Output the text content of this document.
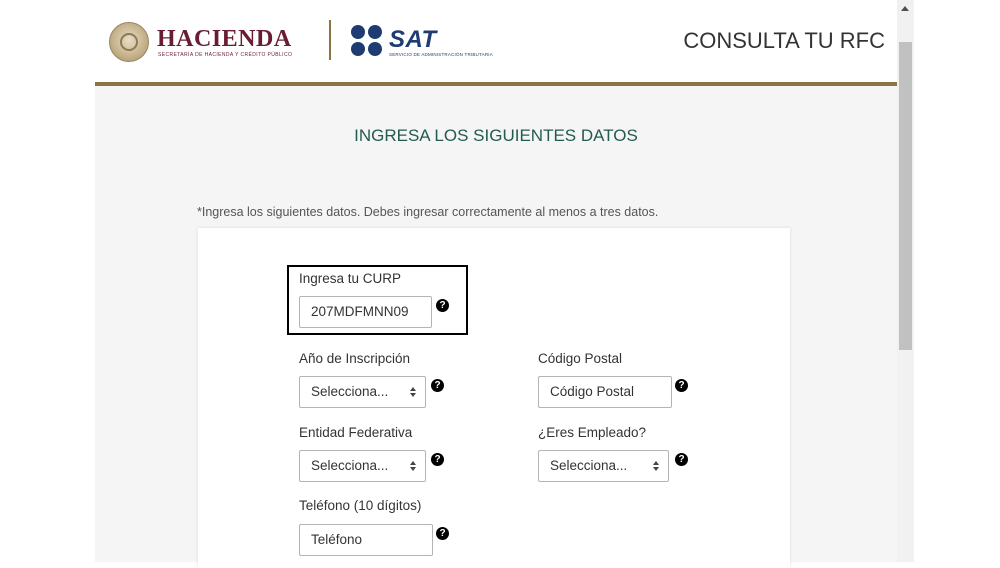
HACIENDA
SECRETARÍA DE HACIENDA Y CRÉDITO PÚBLICO
SAT
SERVICIO DE ADMINISTRACIÓN TRIBUTARIA
CONSULTA TU RFC
INGRESA LOS SIGUIENTES DATOS
*Ingresa los siguientes datos. Debes ingresar correctamente al menos a tres datos.
Ingresa tu CURP
207MDFMNN09	?
Año de Inscripción
Selecciona...	?
Código Postal
Código Postal	?
Entidad Federativa
Selecciona...	?
¿Eres Empleado?
Selecciona...	?
Teléfono (10 dígitos)
Teléfono	?
